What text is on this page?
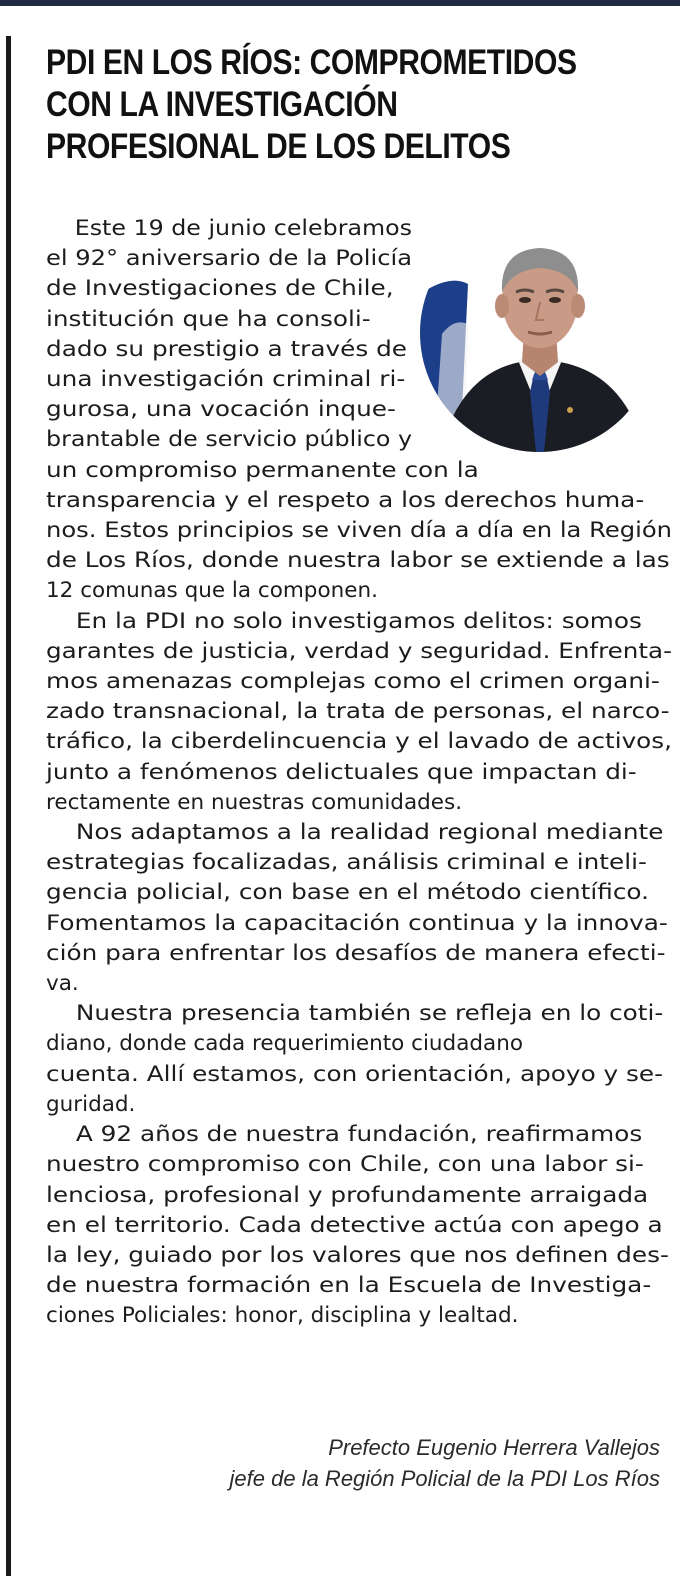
PDI EN LOS RÍOS: COMPROMETIDOS
CON LA INVESTIGACIÓN
PROFESIONAL DE LOS DELITOS
Este 19 de junio celebramos
el 92° aniversario de la Policía
de Investigaciones de Chile,
institución que ha consoli-
dado su prestigio a través de
una investigación criminal ri-
gurosa, una vocación inque-
brantable de servicio público y
un compromiso permanente con la
transparencia y el respeto a los derechos huma-
nos. Estos principios se viven día a día en la Región
de Los Ríos, donde nuestra labor se extiende a las
12 comunas que la componen.
En la PDI no solo investigamos delitos: somos
garantes de justicia, verdad y seguridad. Enfrenta-
mos amenazas complejas como el crimen organi-
zado transnacional, la trata de personas, el narco-
tráfico, la ciberdelincuencia y el lavado de activos,
junto a fenómenos delictuales que impactan di-
rectamente en nuestras comunidades.
Nos adaptamos a la realidad regional mediante
estrategias focalizadas, análisis criminal e inteli-
gencia policial, con base en el método científico.
Fomentamos la capacitación continua y la innova-
ción para enfrentar los desafíos de manera efecti-
va.
Nuestra presencia también se refleja en lo coti-
diano, donde cada requerimiento ciudadano
cuenta. Allí estamos, con orientación, apoyo y se-
guridad.
A 92 años de nuestra fundación, reafirmamos
nuestro compromiso con Chile, con una labor si-
lenciosa, profesional y profundamente arraigada
en el territorio. Cada detective actúa con apego a
la ley, guiado por los valores que nos definen des-
de nuestra formación en la Escuela de Investiga-
ciones Policiales: honor, disciplina y lealtad.
Prefecto Eugenio Herrera Vallejos
jefe de la Región Policial de la PDI Los Ríos
